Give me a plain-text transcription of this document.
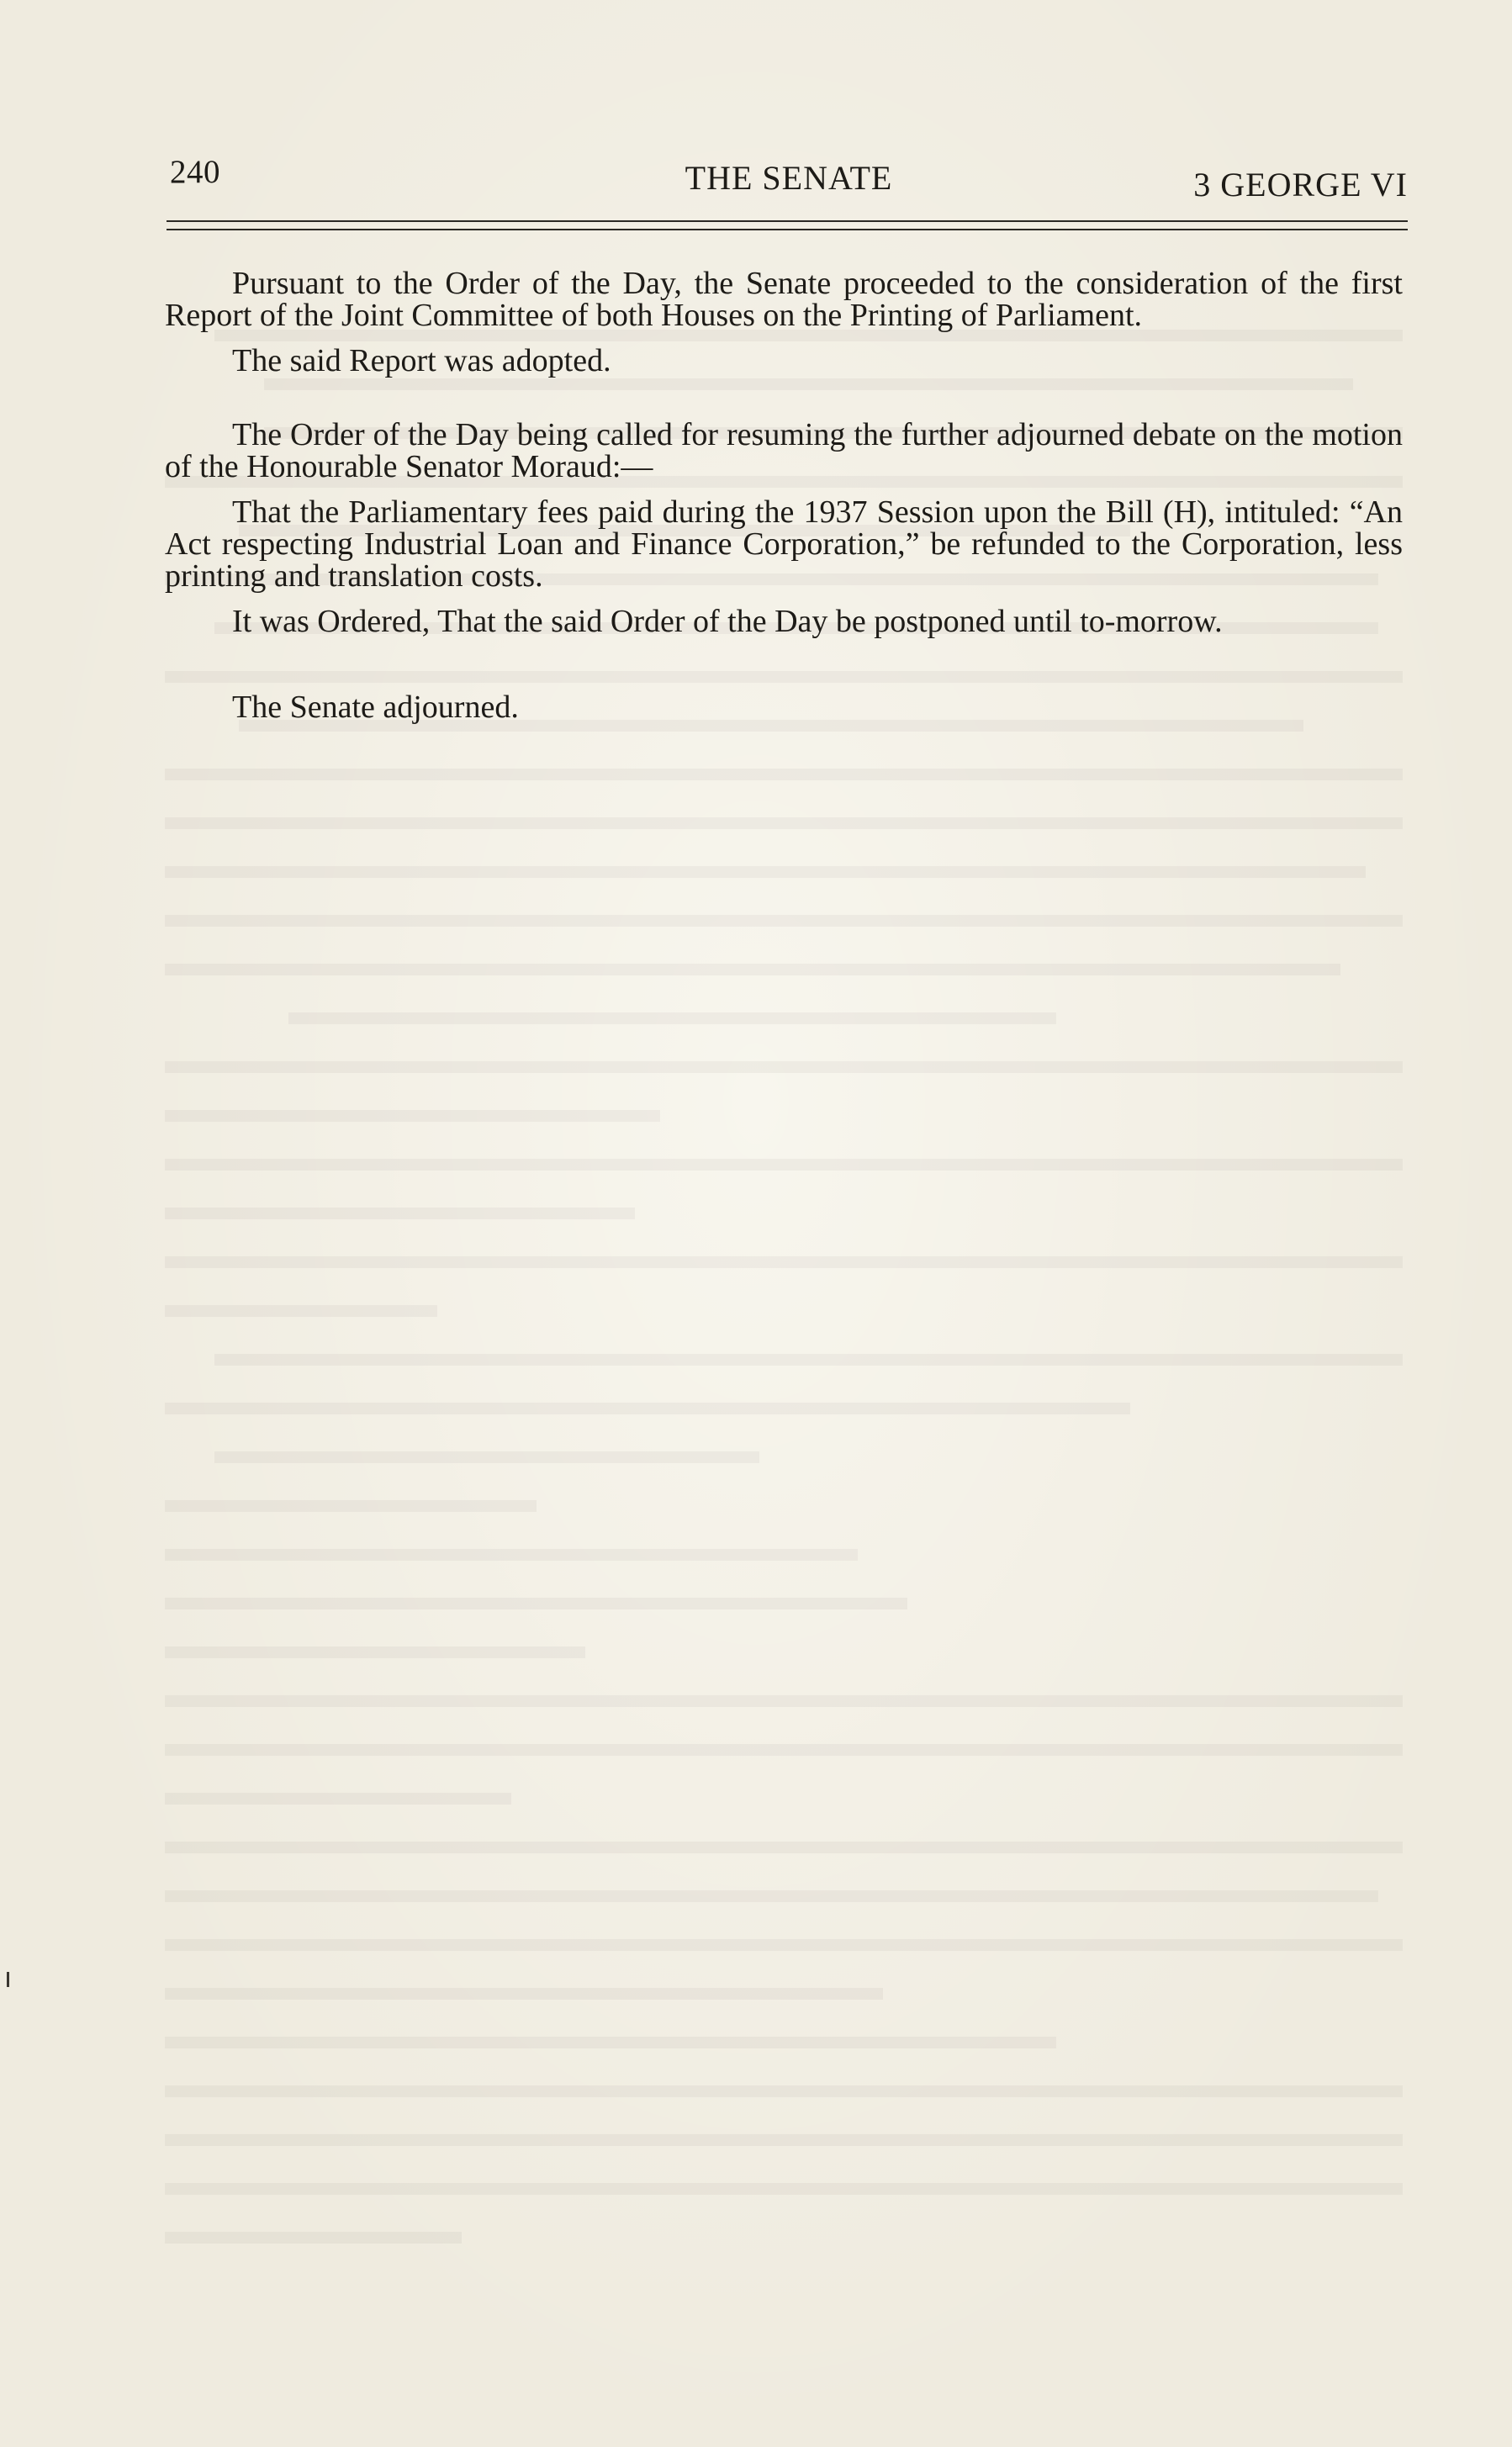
240	THE SENATE	3 GEORGE VI

Pursuant to the Order of the Day, the Senate proceeded to the consideration of the first Report of the Joint Committee of both Houses on the Printing of Parliament.

The said Report was adopted.

The Order of the Day being called for resuming the further adjourned debate on the motion of the Honourable Senator Moraud:—

That the Parliamentary fees paid during the 1937 Session upon the Bill (H), intituled: “An Act respecting Industrial Loan and Finance Corporation,” be refunded to the Corporation, less printing and translation costs.

It was Ordered, That the said Order of the Day be postponed until to-morrow.

The Senate adjourned.
